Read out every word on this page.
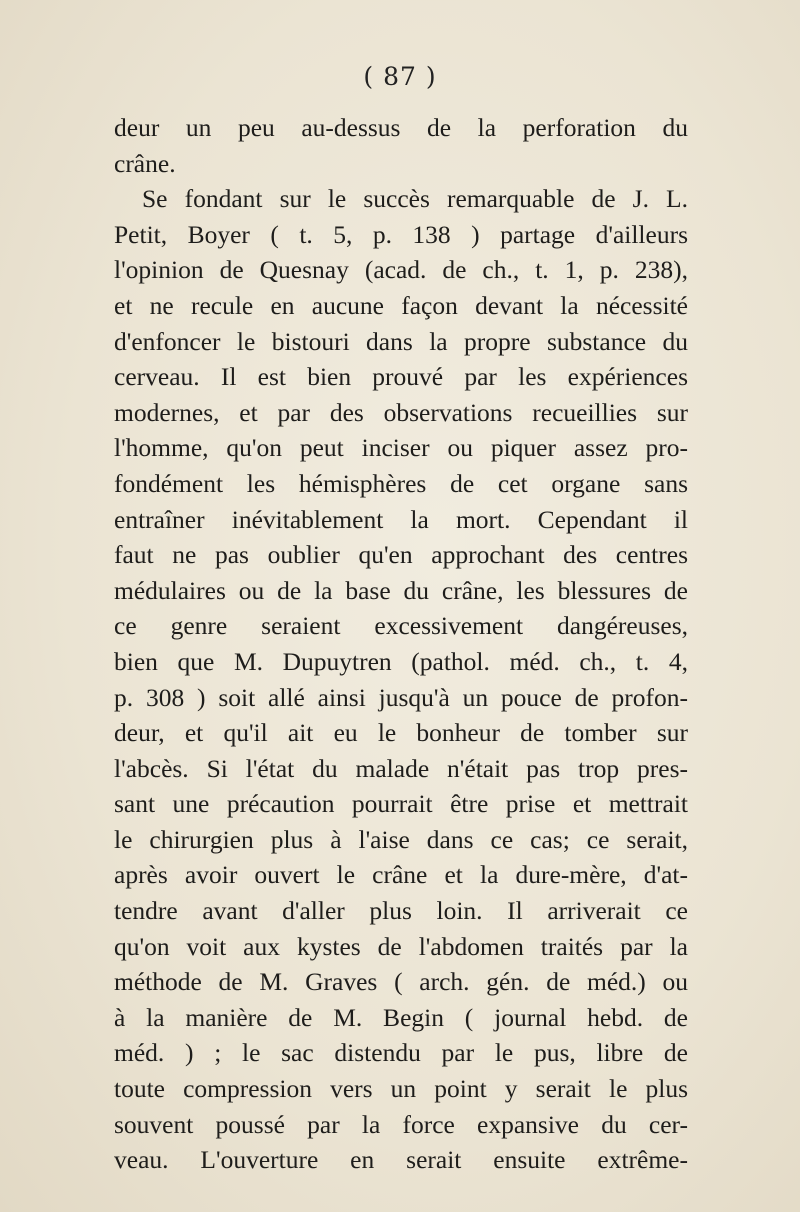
( 87 )
deur un peu au-dessus de la perforation du
crâne.
Se fondant sur le succès remarquable de J. L.
Petit, Boyer ( t. 5, p. 138 ) partage d'ailleurs
l'opinion de Quesnay (acad. de ch., t. 1, p. 238),
et ne recule en aucune façon devant la nécessité
d'enfoncer le bistouri dans la propre substance du
cerveau. Il est bien prouvé par les expériences
modernes, et par des observations recueillies sur
l'homme, qu'on peut inciser ou piquer assez pro-
fondément les hémisphères de cet organe sans
entraîner inévitablement la mort. Cependant il
faut ne pas oublier qu'en approchant des centres
médulaires ou de la base du crâne, les blessures de
ce genre seraient excessivement dangéreuses,
bien que M. Dupuytren (pathol. méd. ch., t. 4,
p. 308 ) soit allé ainsi jusqu'à un pouce de profon-
deur, et qu'il ait eu le bonheur de tomber sur
l'abcès. Si l'état du malade n'était pas trop pres-
sant une précaution pourrait être prise et mettrait
le chirurgien plus à l'aise dans ce cas; ce serait,
après avoir ouvert le crâne et la dure-mère, d'at-
tendre avant d'aller plus loin. Il arriverait ce
qu'on voit aux kystes de l'abdomen traités par la
méthode de M. Graves ( arch. gén. de méd.) ou
à la manière de M. Begin ( journal hebd. de
méd. ) ; le sac distendu par le pus, libre de
toute compression vers un point y serait le plus
souvent poussé par la force expansive du cer-
veau. L'ouverture en serait ensuite extrême-
